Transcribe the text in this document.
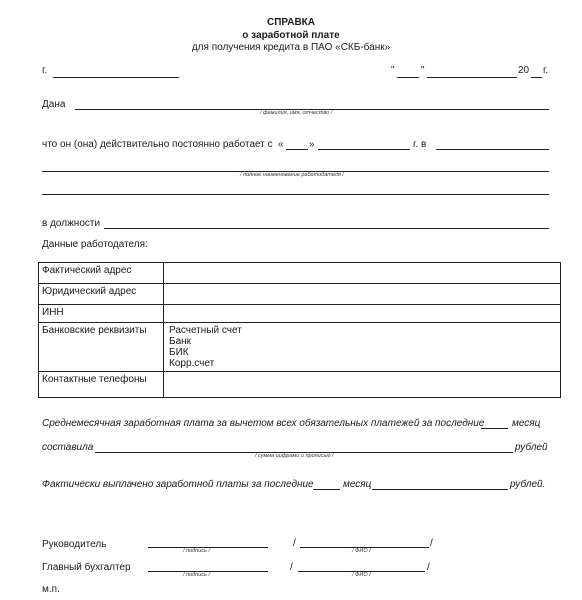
СПРАВКА
о заработной плате
для получения кредита в ПАО «СКБ-банк»
г.	"	"	20 г.
Дана
/ фамилия, имя, отчество /
что он (она) действительно постоянно работает с «	»	г. в
/ полное наименование работодателя /
в должности
Данные работодателя:
Фактический адрес	
Юридический адрес	
ИНН	
Банковские реквизиты	Расчетный счет
Банк
БИК
Корр.счет

Контактные телефоны	
Среднемесячная заработная плата за вычетом всех обязательных платежей за последние	месяц
составила	рублей
/ сумма цифрами и прописью /
Фактически выплачено заработной платы за последние	месяц	рублей.
Руководитель
/ подпись /
/
/ ФИО /
/
Главный бухгалтер
/ подпись /
/
/ ФИО /
/
м.п.
